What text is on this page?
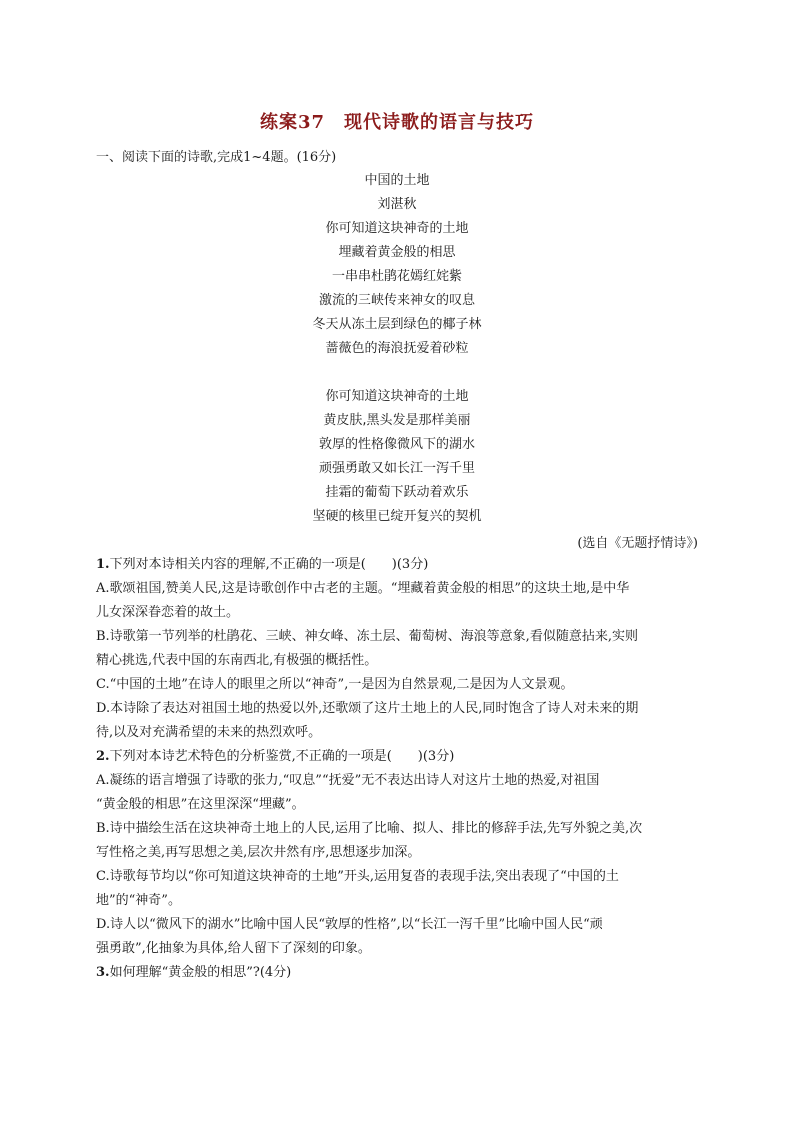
练案37　现代诗歌的语言与技巧
一、阅读下面的诗歌,完成1~4题。(16分)
中国的土地
刘湛秋
你可知道这块神奇的土地
埋藏着黄金般的相思
一串串杜鹃花嫣红姹紫
激流的三峡传来神女的叹息
冬天从冻土层到绿色的椰子林
蔷薇色的海浪抚爱着砂粒
你可知道这块神奇的土地
黄皮肤,黑头发是那样美丽
敦厚的性格像微风下的湖水
顽强勇敢又如长江一泻千里
挂霜的葡萄下跃动着欢乐
坚硬的核里已绽开复兴的契机
(选自《无题抒情诗》)
1.下列对本诗相关内容的理解,不正确的一项是(　　)(3分)
A.歌颂祖国,赞美人民,这是诗歌创作中古老的主题。“埋藏着黄金般的相思”的这块土地,是中华
儿女深深眷恋着的故土。
B.诗歌第一节列举的杜鹃花、三峡、神女峰、冻土层、葡萄树、海浪等意象,看似随意拈来,实则
精心挑选,代表中国的东南西北,有极强的概括性。
C.“中国的土地”在诗人的眼里之所以“神奇”,一是因为自然景观,二是因为人文景观。
D.本诗除了表达对祖国土地的热爱以外,还歌颂了这片土地上的人民,同时饱含了诗人对未来的期
待,以及对充满希望的未来的热烈欢呼。
2.下列对本诗艺术特色的分析鉴赏,不正确的一项是(　　)(3分)
A.凝练的语言增强了诗歌的张力,“叹息”“抚爱”无不表达出诗人对这片土地的热爱,对祖国
“黄金般的相思”在这里深深“埋藏”。
B.诗中描绘生活在这块神奇土地上的人民,运用了比喻、拟人、排比的修辞手法,先写外貌之美,次
写性格之美,再写思想之美,层次井然有序,思想逐步加深。
C.诗歌每节均以“你可知道这块神奇的土地”开头,运用复沓的表现手法,突出表现了“中国的土
地”的“神奇”。
D.诗人以“微风下的湖水”比喻中国人民“敦厚的性格”,以“长江一泻千里”比喻中国人民“顽
强勇敢”,化抽象为具体,给人留下了深刻的印象。
3.如何理解“黄金般的相思”?(4分)
